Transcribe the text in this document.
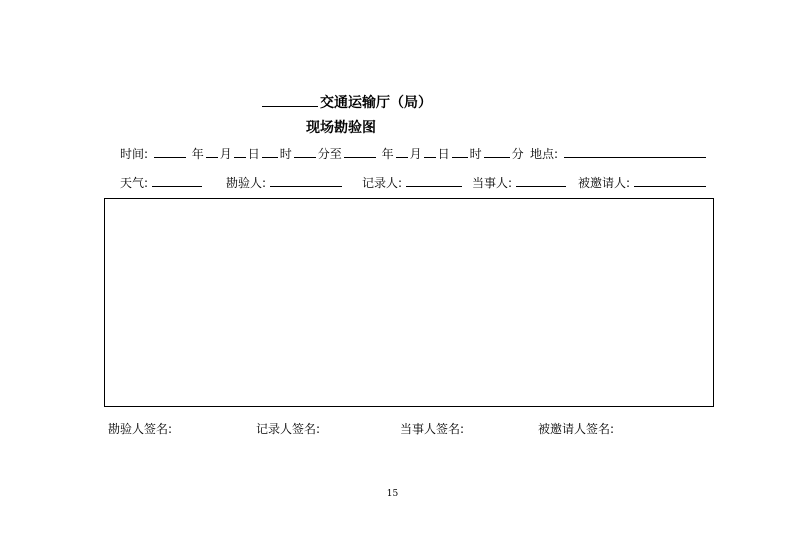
交通运输厅（局）
现场勘验图
时间:	年 月 日 时 分至	年 月 日 时	分 地点:
天气:	勘验人:	记录人:	当事人:	被邀请人:
勘验人签名:	记录人签名:	当事人签名:	被邀请人签名:
15
